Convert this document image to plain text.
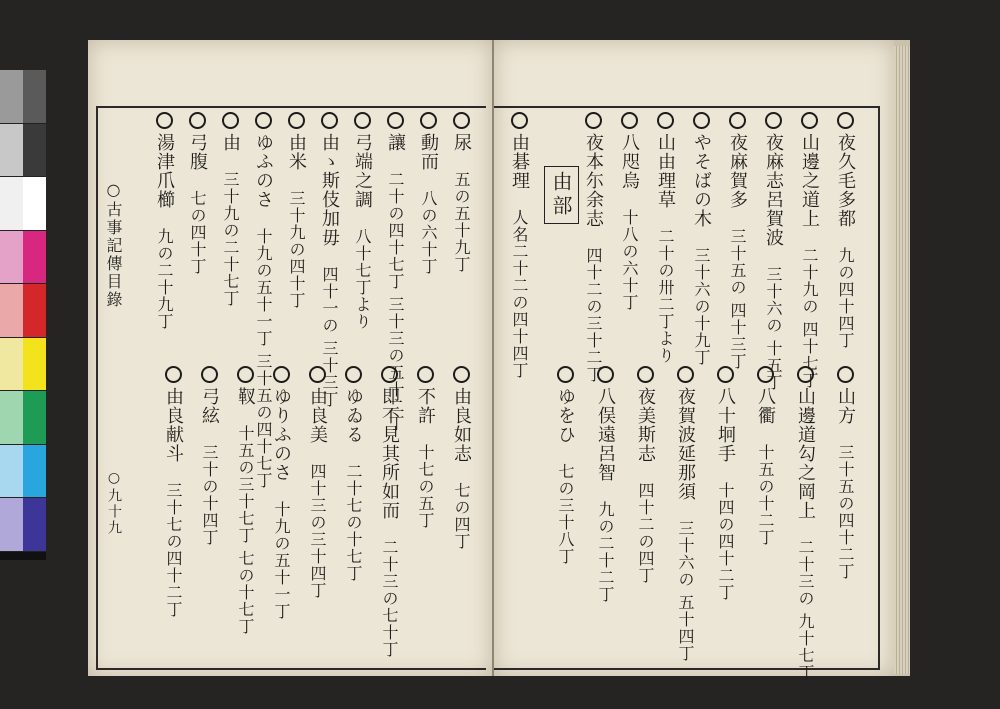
○古事記傳目錄
○九十九
尿　五の五十九丁
動而　八の六十丁
讓　二十の四十七丁 三十三の五十二丁
弓端之調　八十七丁より
由ゝ斯伎加毋　四十一の 三十三丁
由米　三十九の四十丁
ゆふのさ　十九の五十一丁 三十五の四十七丁
由　三十九の二十七丁
弓腹　七の四十丁
湯津爪櫛　九の二十九丁
由良如志　七の四丁
不許　十七の五丁
即不見其所如而　二十三の七十丁
ゆゐる　二十七の十七丁
由良美　四十三の三十四丁
ゆりふのさ　十九の五十一丁
靫　十五の三十七丁 七の十七丁
弓絃　三十の十四丁
由良献斗　三十七の四十二丁
由部	夜久毛多都　九の四十四丁
山邊之道上　二十九の 四十七丁
夜麻志呂賀波　三十六の 十五丁
夜麻賀多　三十五の 四十三丁
やそばの木　三十六の十九丁
山由理草　二十の卅二丁より
八咫烏　十八の六十丁
夜本尓余志　四十二の三十二丁
由碁理　人名二十二の四十四丁
山方　三十五の四十二丁
山邊道勾之岡上　二十三の 九十七丁
八衢　十五の十二丁
八十坰手　十四の四十二丁
夜賀波延那須　三十六の 五十四丁
夜美斯志　四十二の四丁
八俣遠呂智　九の二十二丁
ゆをひ　七の三十八丁
